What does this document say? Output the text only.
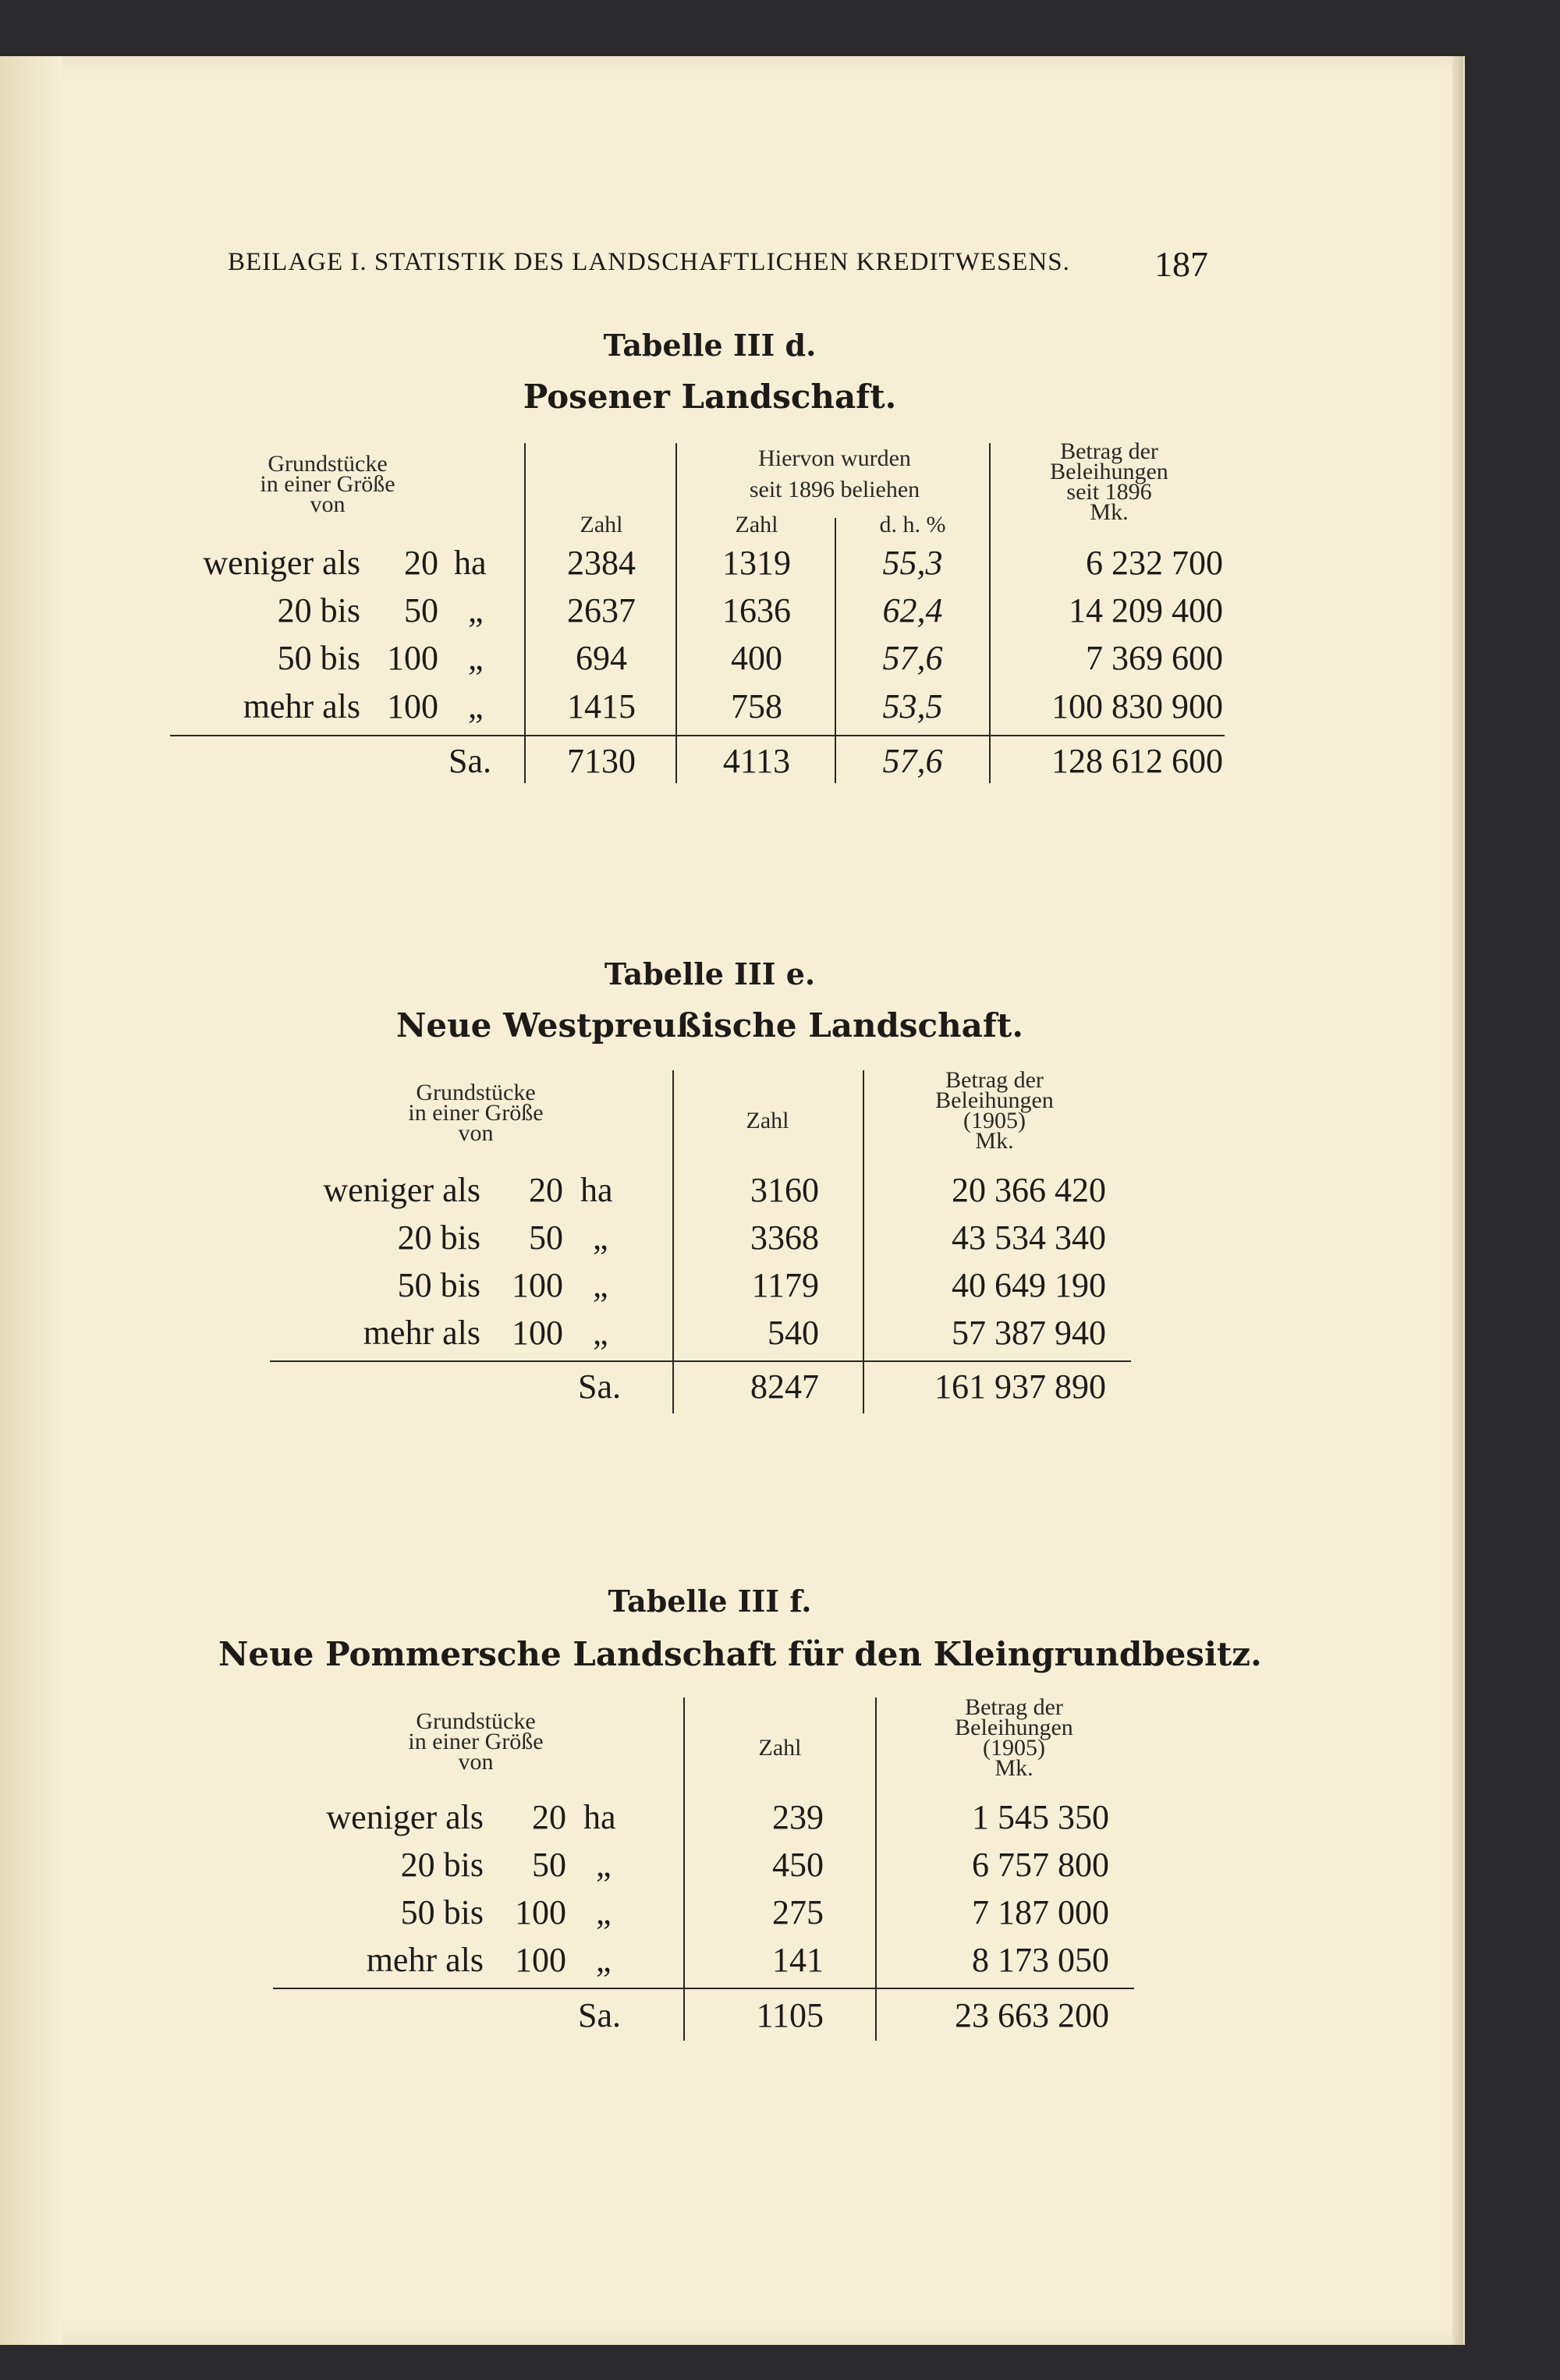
BEILAGE I. STATISTIK DES LANDSCHAFTLICHEN KREDITWESENS. 187
Tabelle III d.
Posener Landschaft.
Grundstücke
in einer Größe
von
Zahl
Hiervon wurden
seit 1896 beliehen
Zahl	d. h. %
Betrag der
Beleihungen
seit 1896
Mk.
weniger als	20 ha	2384	1319	55,3	6 232 700
20 bis	50 „	2637	1636	62,4	14 209 400
50 bis 100 „	694	400	57,6	7 369 600
mehr als 100 „	1415	758	53,5	100 830 900
Sa.	7130	4113	57,6	128 612 600
Tabelle III e.
Neue Westpreußische Landschaft.
Grundstücke
in einer Größe
von	Zahl
Betrag der
Beleihungen
(1905)
Mk.
weniger als	20 ha	3160	20 366 420
20 bis	50 „	3368	43 534 340
50 bis 100 „	1179	40 649 190
mehr als 100 „	540	57 387 940
Sa.	8247	161 937 890
Tabelle III f.
Neue Pommersche Landschaft für den Kleingrundbesitz.
Grundstücke
in einer Größe
von
Zahl
Betrag der
Beleihungen
(1905)
Mk.
weniger als	20 ha	239	1 545 350
20 bis	50 „	450	6 757 800
50 bis 100 „	275	7 187 000
mehr als 100 „	141	8 173 050
Sa.	1105	23 663 200
